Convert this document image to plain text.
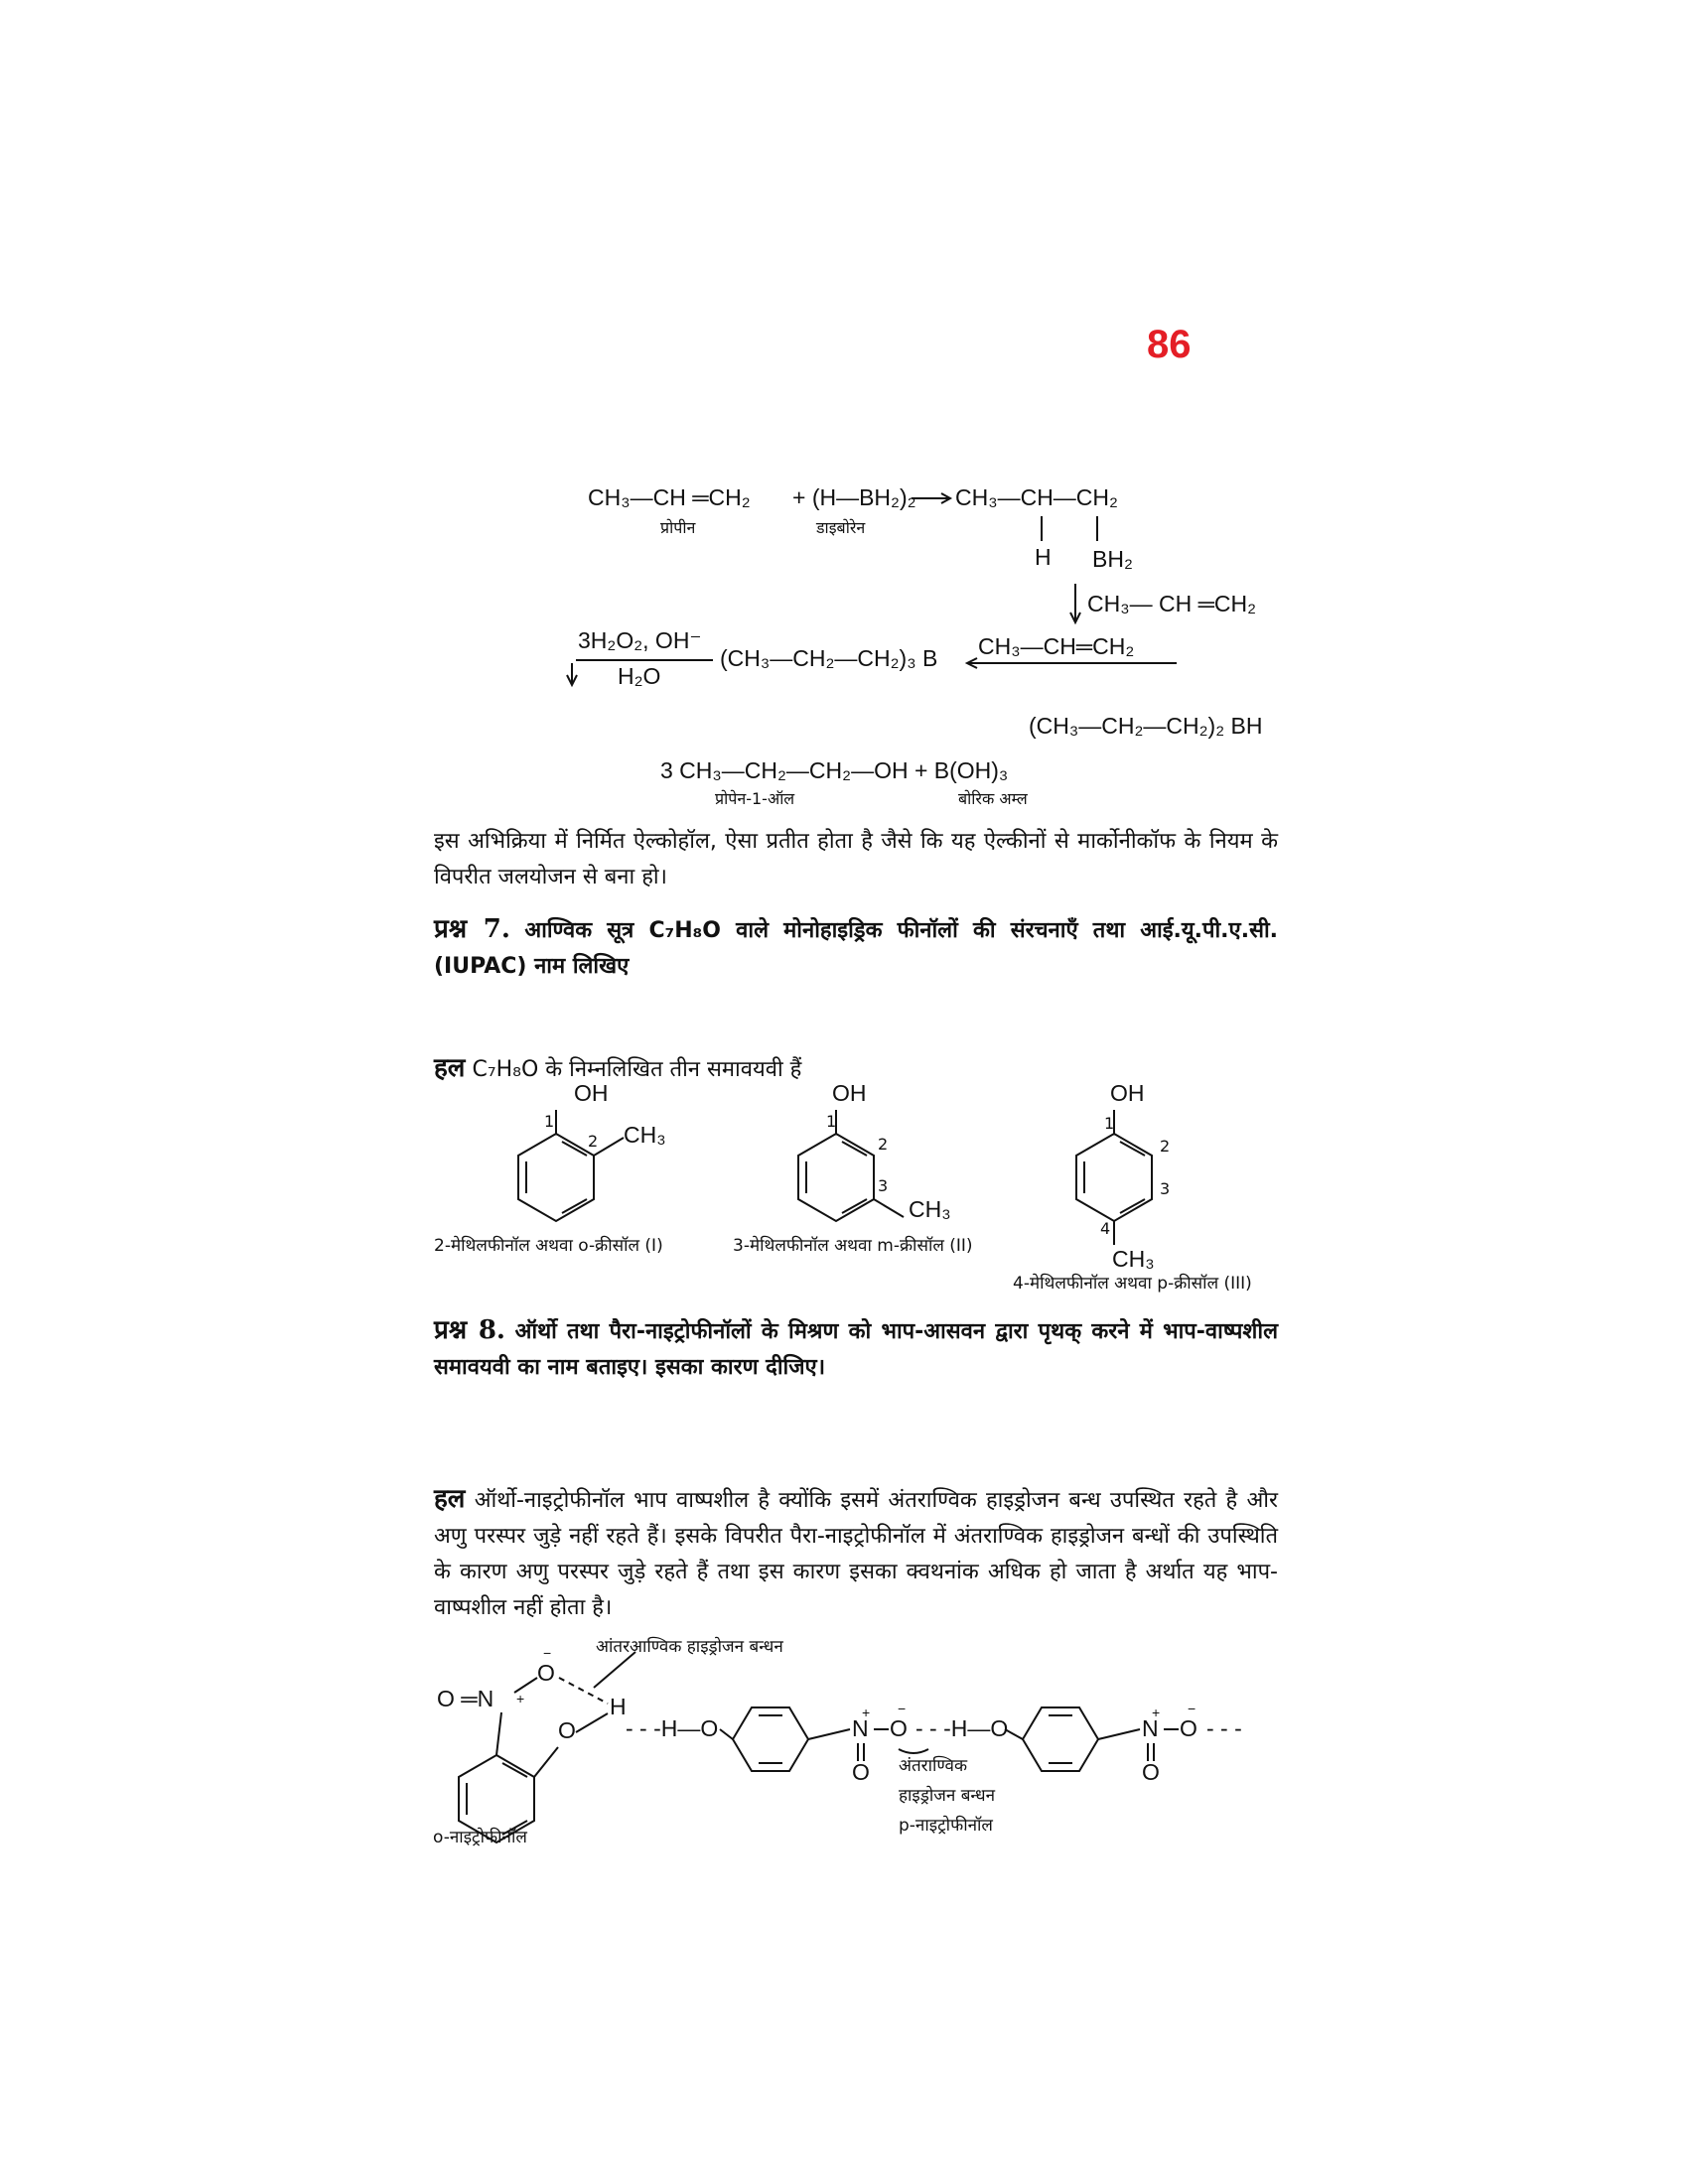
86
CH₃—CH ═CH₂ + (H—BH₂)₂ CH₃—CH—CH₂
प्रोपीन	डाइबोरेन
H BH₂
CH₃— CH ═CH₂
CH₃—CH═CH₂
3H₂O₂, OH⁻
H₂O
(CH₃—CH₂—CH₂)₃ B
(CH₃—CH₂—CH₂)₂ BH
3 CH₃—CH₂—CH₂—OH + B(OH)₃
प्रोपेन-1-ऑल	बोरिक अम्ल
इस अभिक्रिया में निर्मित ऐल्कोहॉल, ऐसा प्रतीत होता है जैसे कि यह ऐल्कीनों से मार्कोनीकॉफ के नियम के विपरीत जलयोजन से बना हो।
प्रश्न 7. आण्विक सूत्र C₇H₈O वाले मोनोहाइड्रिक फीनॉलों की संरचनाएँ तथा आई.यू.पी.ए.सी. (IUPAC) नाम लिखिए
हल C₇H₈O के निम्नलिखित तीन समावयवी हैं
OH
1
2 CH₃
2-मेथिलफीनॉल अथवा o-क्रीसॉल (I)
OH
1
2
3
CH₃
3-मेथिलफीनॉल अथवा m-क्रीसॉल (II)
OH
1
2
3
4
CH₃
4-मेथिलफीनॉल अथवा p-क्रीसॉल (III)
प्रश्न 8. ऑर्थो तथा पैरा-नाइट्रोफीनॉलों के मिश्रण को भाप-आसवन द्वारा पृथक् करने में भाप-वाष्पशील समावयवी का नाम बताइए। इसका कारण दीजिए।
हल ऑर्थो-नाइट्रोफीनॉल भाप वाष्पशील है क्योंकि इसमें अंतराण्विक हाइड्रोजन बन्ध उपस्थित रहते है और अणु परस्पर जुड़े नहीं रहते हैं। इसके विपरीत पैरा-नाइट्रोफीनॉल में अंतराण्विक हाइड्रोजन बन्धों की उपस्थिति के कारण अणु परस्पर जुड़े रहते हैं तथा इस कारण इसका क्वथनांक अधिक हो जाता है अर्थात यह भाप-वाष्पशील नहीं होता है।
आंतरआण्विक हाइड्रोजन बन्धन
O ═N
O
O
H
o-नाइट्रोफीनॉल
- - -H—O	N O
O
- - -H—O
अंतराण्विक
हाइड्रोजन बन्धन
p-नाइट्रोफीनॉल
N O
O
- - -
+
−
+ −	+ −
